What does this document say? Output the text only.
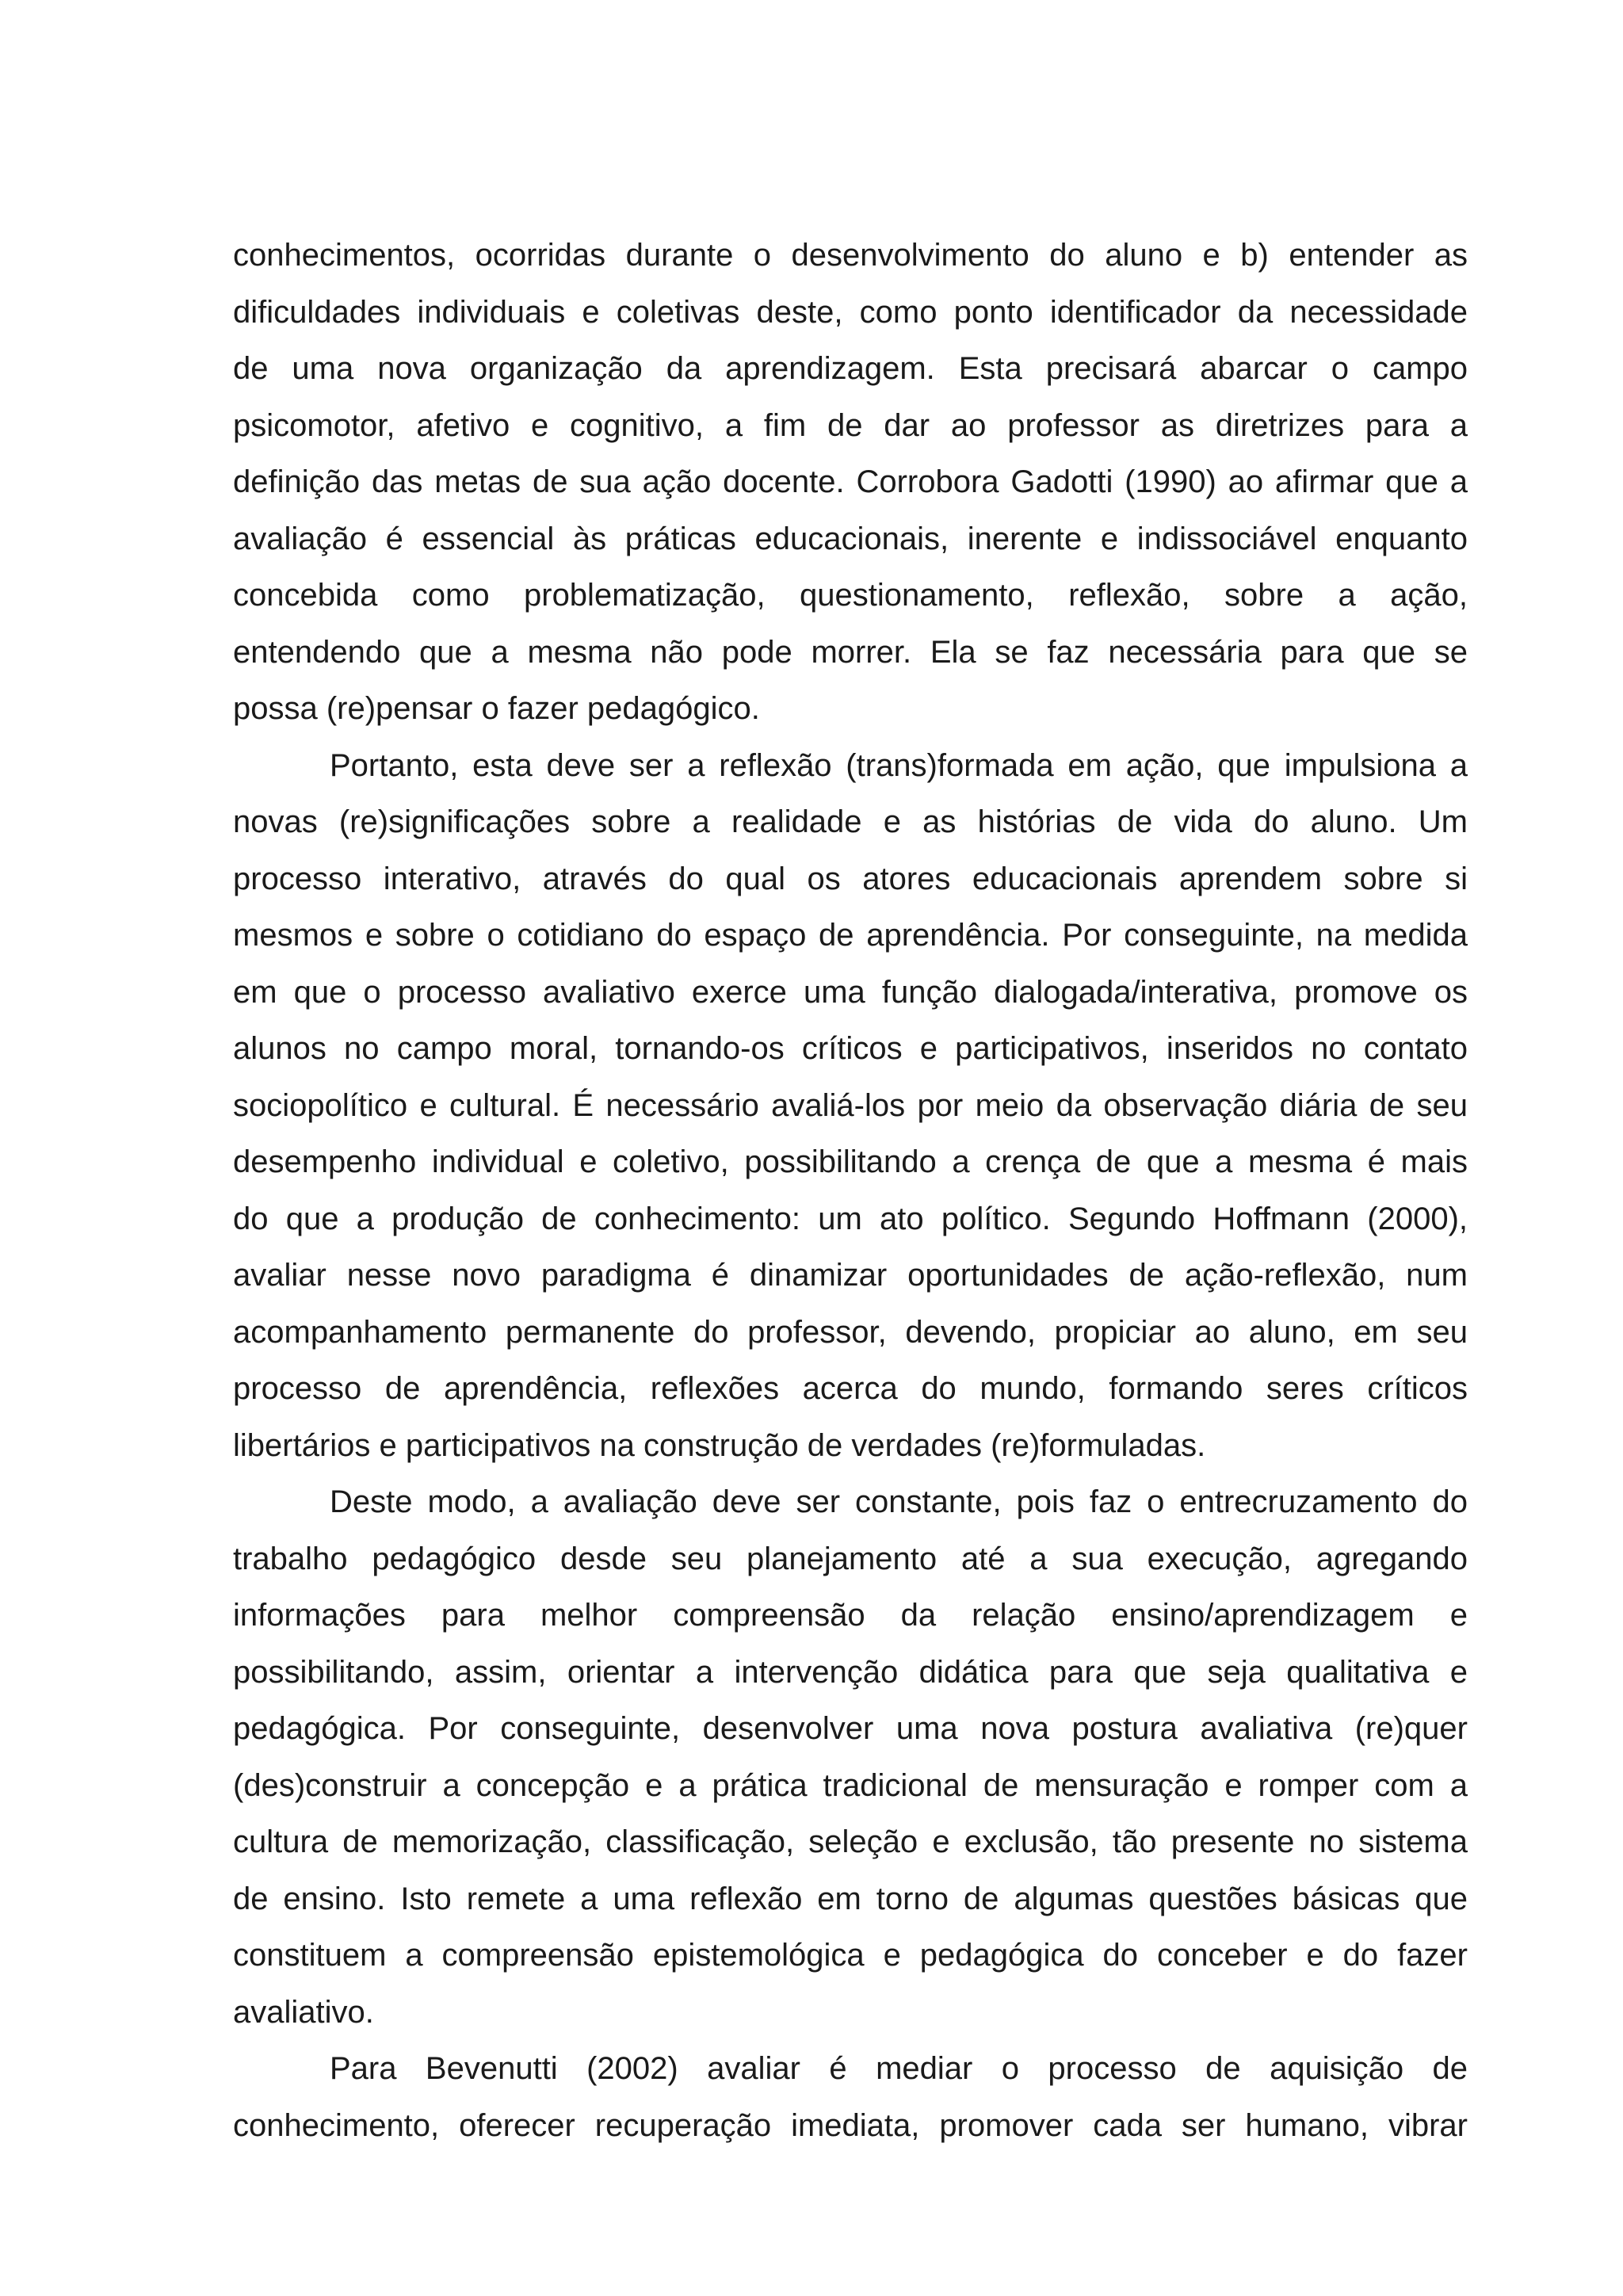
conhecimentos, ocorridas durante o desenvolvimento do aluno e b) entender as
dificuldades individuais e coletivas deste, como ponto identificador da necessidade
de uma nova organização da aprendizagem. Esta precisará abarcar o campo
psicomotor, afetivo e cognitivo, a fim de dar ao professor as diretrizes para a
definição das metas de sua ação docente. Corrobora Gadotti (1990) ao afirmar que a
avaliação é essencial às práticas educacionais, inerente e indissociável enquanto
concebida como problematização, questionamento, reflexão, sobre a ação,
entendendo que a mesma não pode morrer. Ela se faz necessária para que se
possa (re)pensar o fazer pedagógico.
Portanto, esta deve ser a reflexão (trans)formada em ação, que impulsiona a
novas (re)significações sobre a realidade e as histórias de vida do aluno. Um
processo interativo, através do qual os atores educacionais aprendem sobre si
mesmos e sobre o cotidiano do espaço de aprendência. Por conseguinte, na medida
em que o processo avaliativo exerce uma função dialogada/interativa, promove os
alunos no campo moral, tornando-os críticos e participativos, inseridos no contato
sociopolítico e cultural. É necessário avaliá-los por meio da observação diária de seu
desempenho individual e coletivo, possibilitando a crença de que a mesma é mais
do que a produção de conhecimento: um ato político. Segundo Hoffmann (2000),
avaliar nesse novo paradigma é dinamizar oportunidades de ação-reflexão, num
acompanhamento permanente do professor, devendo, propiciar ao aluno, em seu
processo de aprendência, reflexões acerca do mundo, formando seres críticos
libertários e participativos na construção de verdades (re)formuladas.
Deste modo, a avaliação deve ser constante, pois faz o entrecruzamento do
trabalho pedagógico desde seu planejamento até a sua execução, agregando
informações para melhor compreensão da relação ensino/aprendizagem e
possibilitando, assim, orientar a intervenção didática para que seja qualitativa e
pedagógica. Por conseguinte, desenvolver uma nova postura avaliativa (re)quer
(des)construir a concepção e a prática tradicional de mensuração e romper com a
cultura de memorização, classificação, seleção e exclusão, tão presente no sistema
de ensino. Isto remete a uma reflexão em torno de algumas questões básicas que
constituem a compreensão epistemológica e pedagógica do conceber e do fazer
avaliativo.
Para Bevenutti (2002) avaliar é mediar o processo de aquisição de
conhecimento, oferecer recuperação imediata, promover cada ser humano, vibrar
